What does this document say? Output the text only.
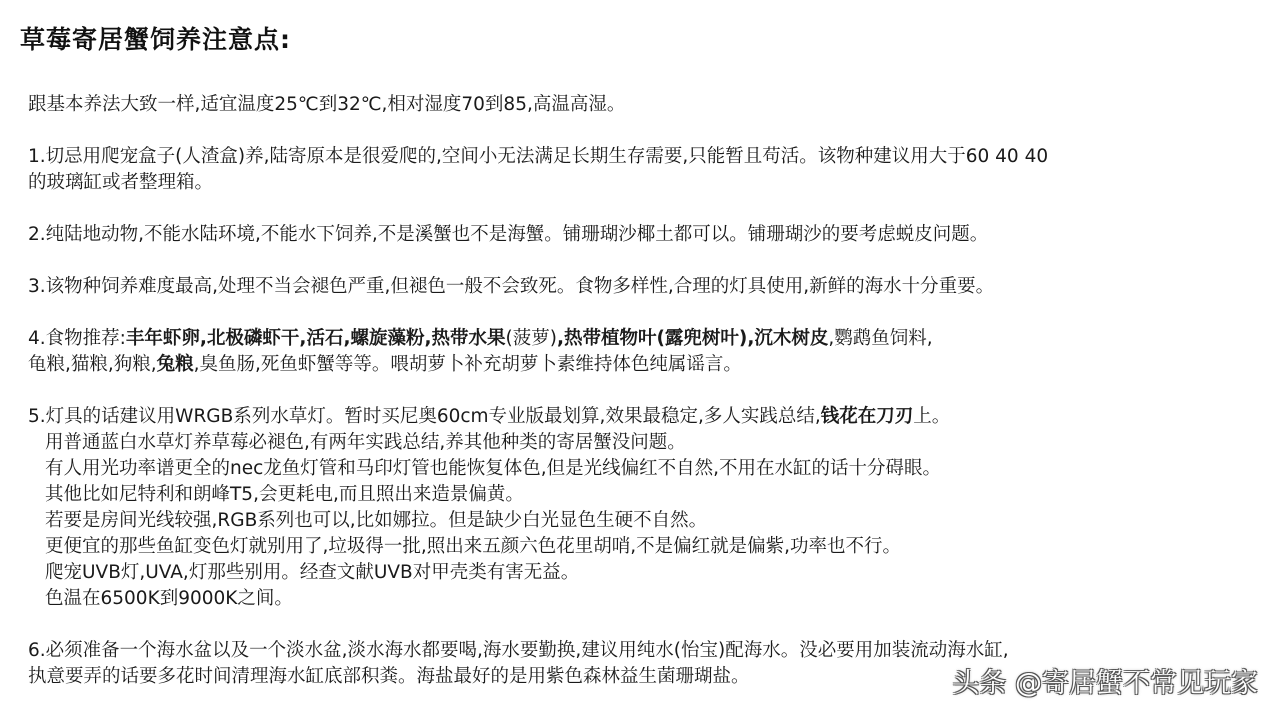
草莓寄居蟹饲养注意点:

跟基本养法大致一样,适宜温度25℃到32℃,相对湿度70到85,高温高湿。

1.切忌用爬宠盒子(人渣盒)养,陆寄原本是很爱爬的,空间小无法满足长期生存需要,只能暂且苟活。该物种建议用大于60 40 40
的玻璃缸或者整理箱。

2.纯陆地动物,不能水陆环境,不能水下饲养,不是溪蟹也不是海蟹。铺珊瑚沙椰土都可以。铺珊瑚沙的要考虑蜕皮问题。

3.该物种饲养难度最高,处理不当会褪色严重,但褪色一般不会致死。食物多样性,合理的灯具使用,新鲜的海水十分重要。

4.食物推荐:丰年虾卵,北极磷虾干,活石,螺旋藻粉,热带水果(菠萝),热带植物叶(露兜树叶),沉木树皮,鹦鹉鱼饲料,
龟粮,猫粮,狗粮,兔粮,臭鱼肠,死鱼虾蟹等等。喂胡萝卜补充胡萝卜素维持体色纯属谣言。

5.灯具的话建议用WRGB系列水草灯。暂时买尼奥60cm专业版最划算,效果最稳定,多人实践总结,钱花在刀刃上。
用普通蓝白水草灯养草莓必褪色,有两年实践总结,养其他种类的寄居蟹没问题。
有人用光功率谱更全的nec龙鱼灯管和马印灯管也能恢复体色,但是光线偏红不自然,不用在水缸的话十分碍眼。
其他比如尼特利和朗峰T5,会更耗电,而且照出来造景偏黄。
若要是房间光线较强,RGB系列也可以,比如娜拉。但是缺少白光显色生硬不自然。
更便宜的那些鱼缸变色灯就别用了,垃圾得一批,照出来五颜六色花里胡哨,不是偏红就是偏紫,功率也不行。
爬宠UVB灯,UVA,灯那些别用。经查文献UVB对甲壳类有害无益。
色温在6500K到9000K之间。

6.必须准备一个海水盆以及一个淡水盆,淡水海水都要喝,海水要勤换,建议用纯水(怡宝)配海水。没必要用加装流动海水缸,
执意要弄的话要多花时间清理海水缸底部积粪。海盐最好的是用紫色森林益生菌珊瑚盐。	头条 @寄居蟹不常见玩家
